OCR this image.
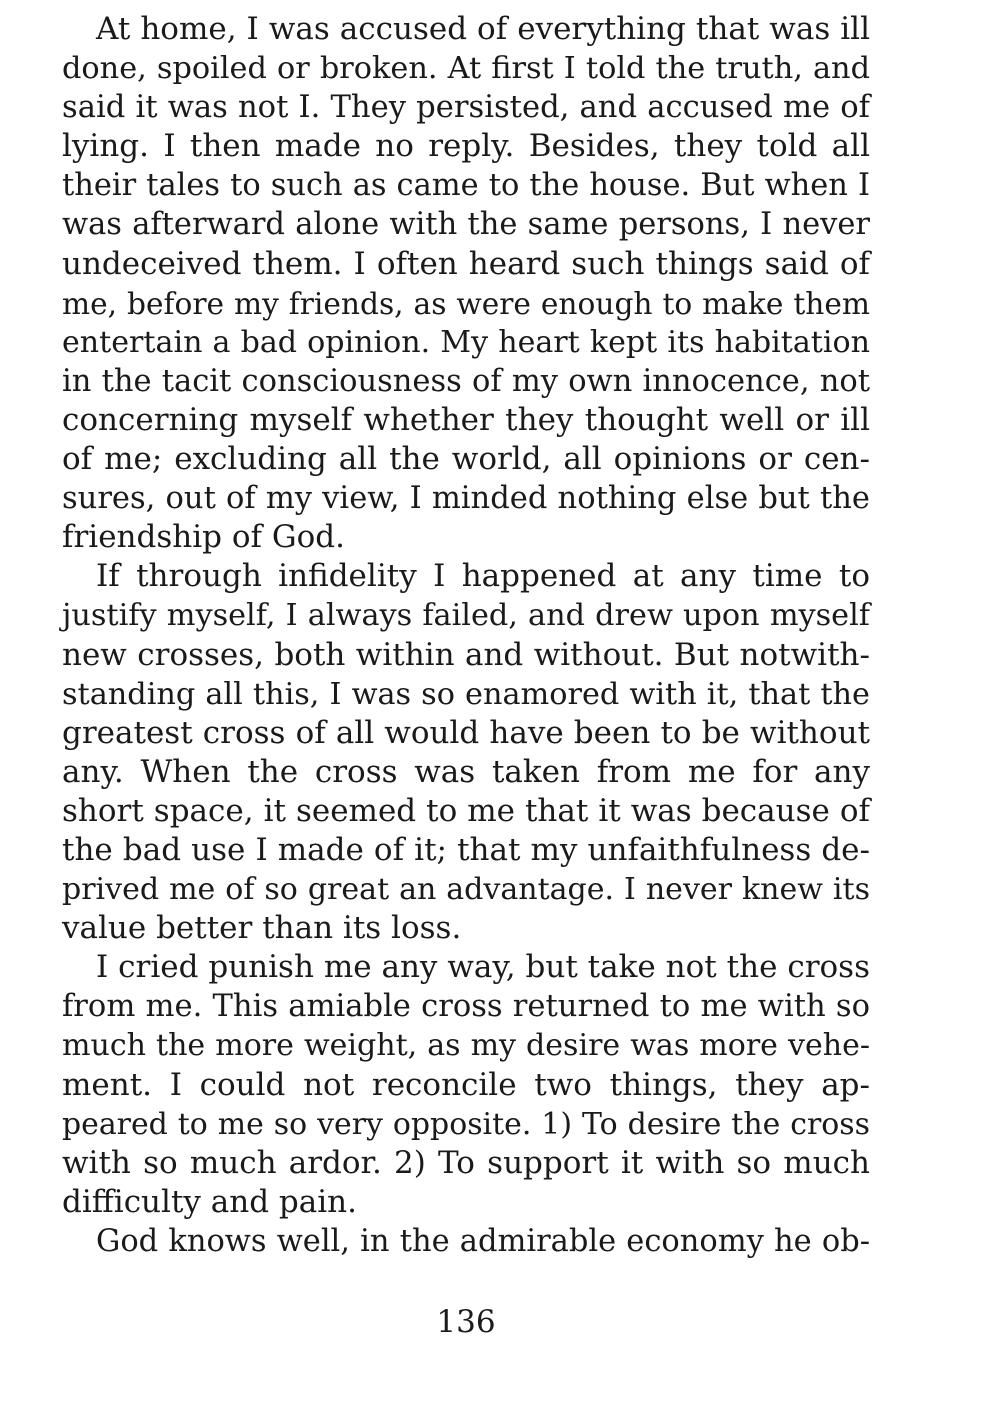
At home, I was accused of everything that was ill
done, spoiled or broken. At first I told the truth, and
said it was not I. They persisted, and accused me of
lying. I then made no reply. Besides, they told all
their tales to such as came to the house. But when I
was afterward alone with the same persons, I never
undeceived them. I often heard such things said of
me, before my friends, as were enough to make them
entertain a bad opinion. My heart kept its habitation
in the tacit consciousness of my own innocence, not
concerning myself whether they thought well or ill
of me; excluding all the world, all opinions or cen-
sures, out of my view, I minded nothing else but the
friendship of God.
If through infidelity I happened at any time to
justify myself, I always failed, and drew upon myself
new crosses, both within and without. But notwith-
standing all this, I was so enamored with it, that the
greatest cross of all would have been to be without
any. When the cross was taken from me for any
short space, it seemed to me that it was because of
the bad use I made of it; that my unfaithfulness de-
prived me of so great an advantage. I never knew its
value better than its loss.
I cried punish me any way, but take not the cross
from me. This amiable cross returned to me with so
much the more weight, as my desire was more vehe-
ment. I could not reconcile two things, they ap-
peared to me so very opposite. 1) To desire the cross
with so much ardor. 2) To support it with so much
difficulty and pain.
God knows well, in the admirable economy he ob-
136
